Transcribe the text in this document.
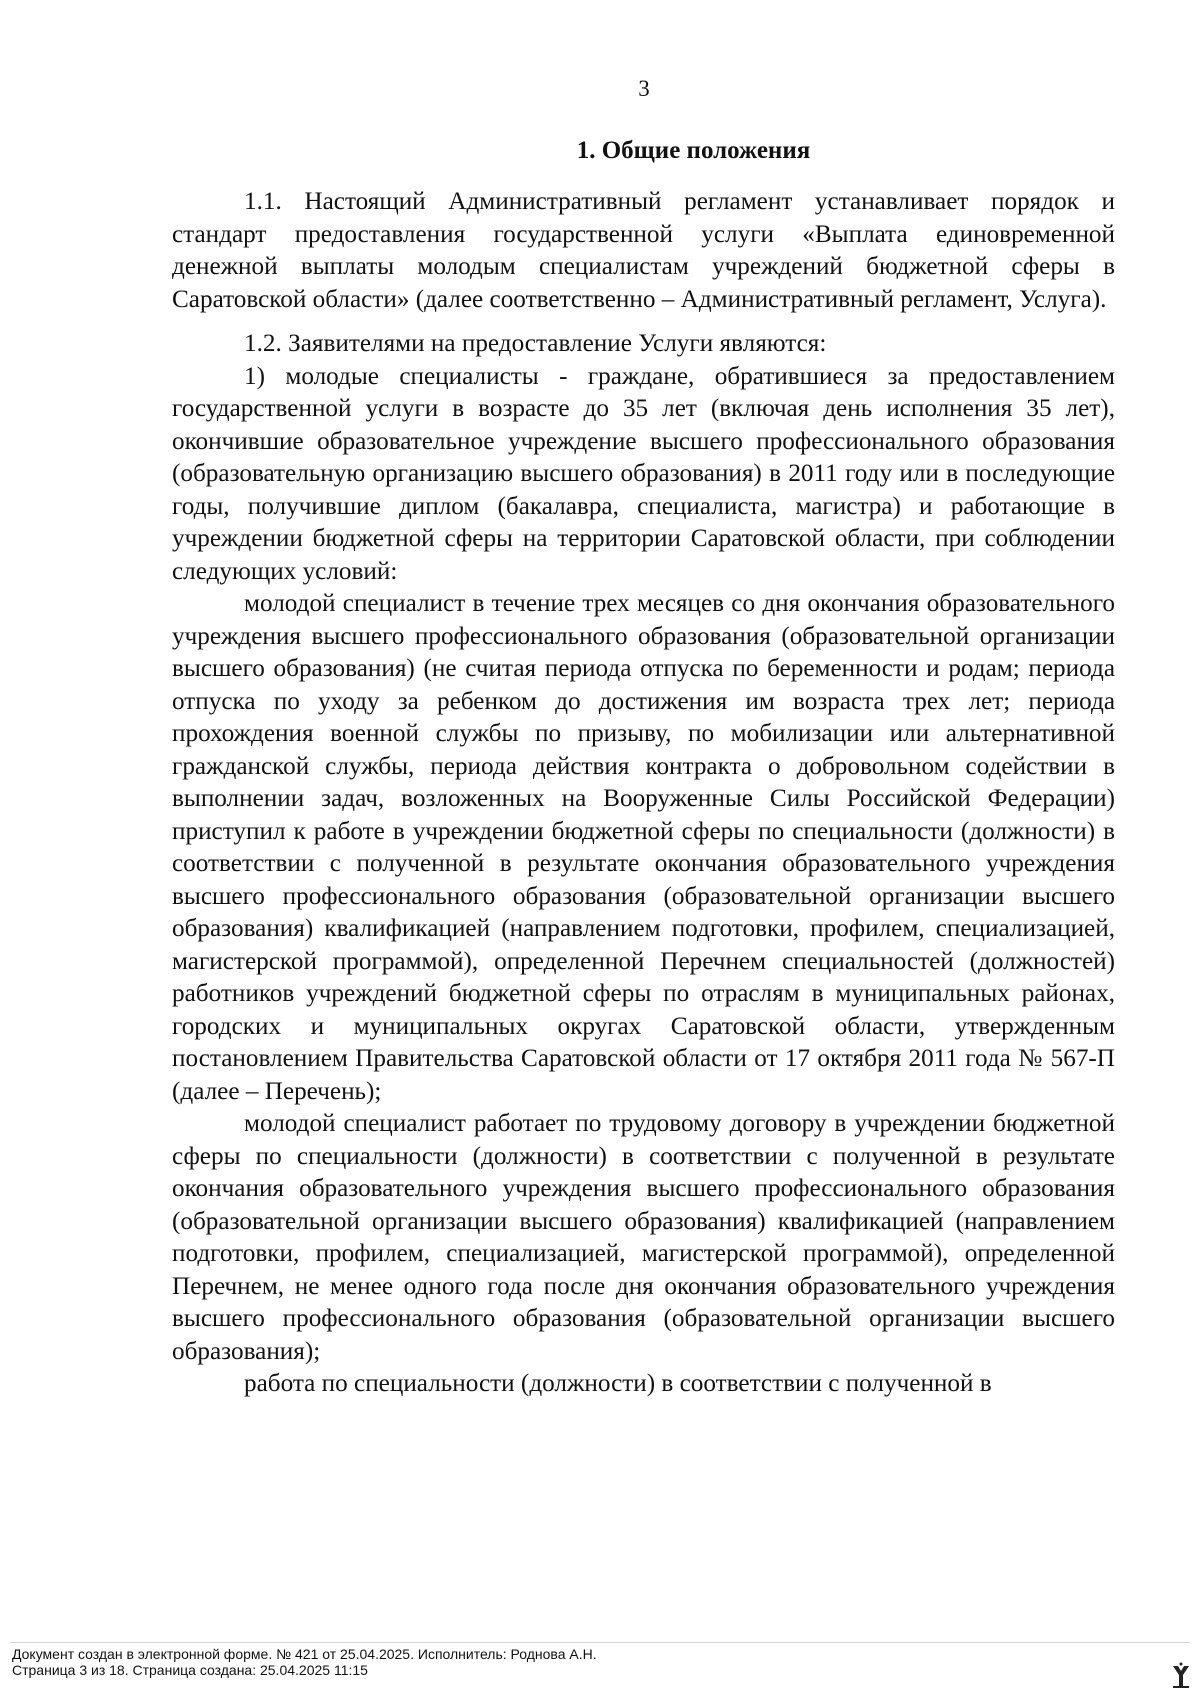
3
1. Общие положения

1.1. Настоящий Административный регламент устанавливает порядок и стандарт предоставления государственной услуги «Выплата единовременной денежной выплаты молодым специалистам учреждений бюджетной сферы в Саратовской области» (далее соответственно – Административный регламент, Услуга).

1.2. Заявителями на предоставление Услуги являются:

1) молодые специалисты - граждане, обратившиеся за предоставлением государственной услуги в возрасте до 35 лет (включая день исполнения 35 лет), окончившие образовательное учреждение высшего профессионального образования (образовательную организацию высшего образования) в 2011 году или в последующие годы, получившие диплом (бакалавра, специалиста, магистра) и работающие в учреждении бюджетной сферы на территории Саратовской области, при соблюдении следующих условий:

молодой специалист в течение трех месяцев со дня окончания образовательного учреждения высшего профессионального образования (образовательной организации высшего образования) (не считая периода отпуска по беременности и родам; периода отпуска по уходу за ребенком до достижения им возраста трех лет; периода прохождения военной службы по призыву, по мобилизации или альтернативной гражданской службы, периода действия контракта о добровольном содействии в выполнении задач, возложенных на Вооруженные Силы Российской Федерации) приступил к работе в учреждении бюджетной сферы по специальности (должности) в соответствии с полученной в результате окончания образовательного учреждения высшего профессионального образования (образовательной организации высшего образования) квалификацией (направлением подготовки, профилем, специализацией, магистерской программой), определенной Перечнем специальностей (должностей) работников учреждений бюджетной сферы по отраслям в муниципальных районах, городских и муниципальных округах Саратовской области, утвержденным постановлением Правительства Саратовской области от 17 октября 2011 года № 567-П (далее – Перечень);

молодой специалист работает по трудовому договору в учреждении бюджетной сферы по специальности (должности) в соответствии с полученной в результате окончания образовательного учреждения высшего профессионального образования (образовательной организации высшего образования) квалификацией (направлением подготовки, профилем, специализацией, магистерской программой), определенной Перечнем, не менее одного года после дня окончания образовательного учреждения высшего профессионального образования (образовательной организации высшего образования);

работа по специальности (должности) в соответствии с полученной в

Документ создан в электронной форме. № 421 от 25.04.2025. Исполнитель: Роднова А.Н.
Страница 3 из 18. Страница создана: 25.04.2025 11:15
